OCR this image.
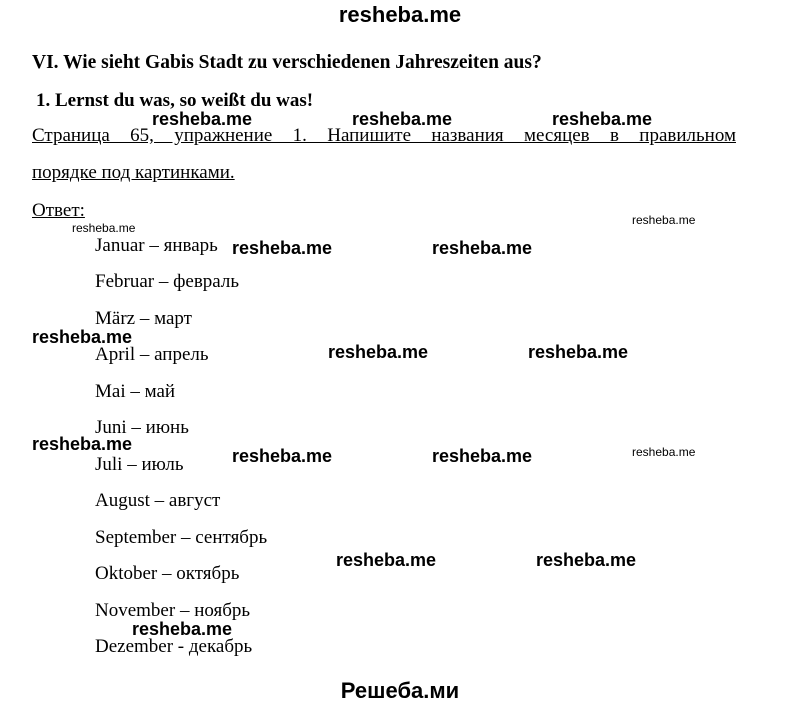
resheba.me
VI. Wie sieht Gabis Stadt zu verschiedenen Jahreszeiten aus?
1. Lernst du was, so weißt du was!
Страница 65, упражнение 1. Напишите названия месяцев в правильном
порядке под картинками.
Ответ:
Januar – январь
Februar – февраль
März – март
April – апрель
Mai – май
Juni – июнь
Juli – июль
August – август
September – сентябрь
Oktober – октябрь
November – ноябрь
Dezember - декабрь
resheba.me	resheba.me	resheba.me
resheba.me
resheba.me
resheba.me	resheba.me
resheba.me
resheba.me	resheba.me
resheba.me
resheba.me	resheba.me	resheba.me
resheba.me	resheba.me
resheba.me
Решеба.ми
